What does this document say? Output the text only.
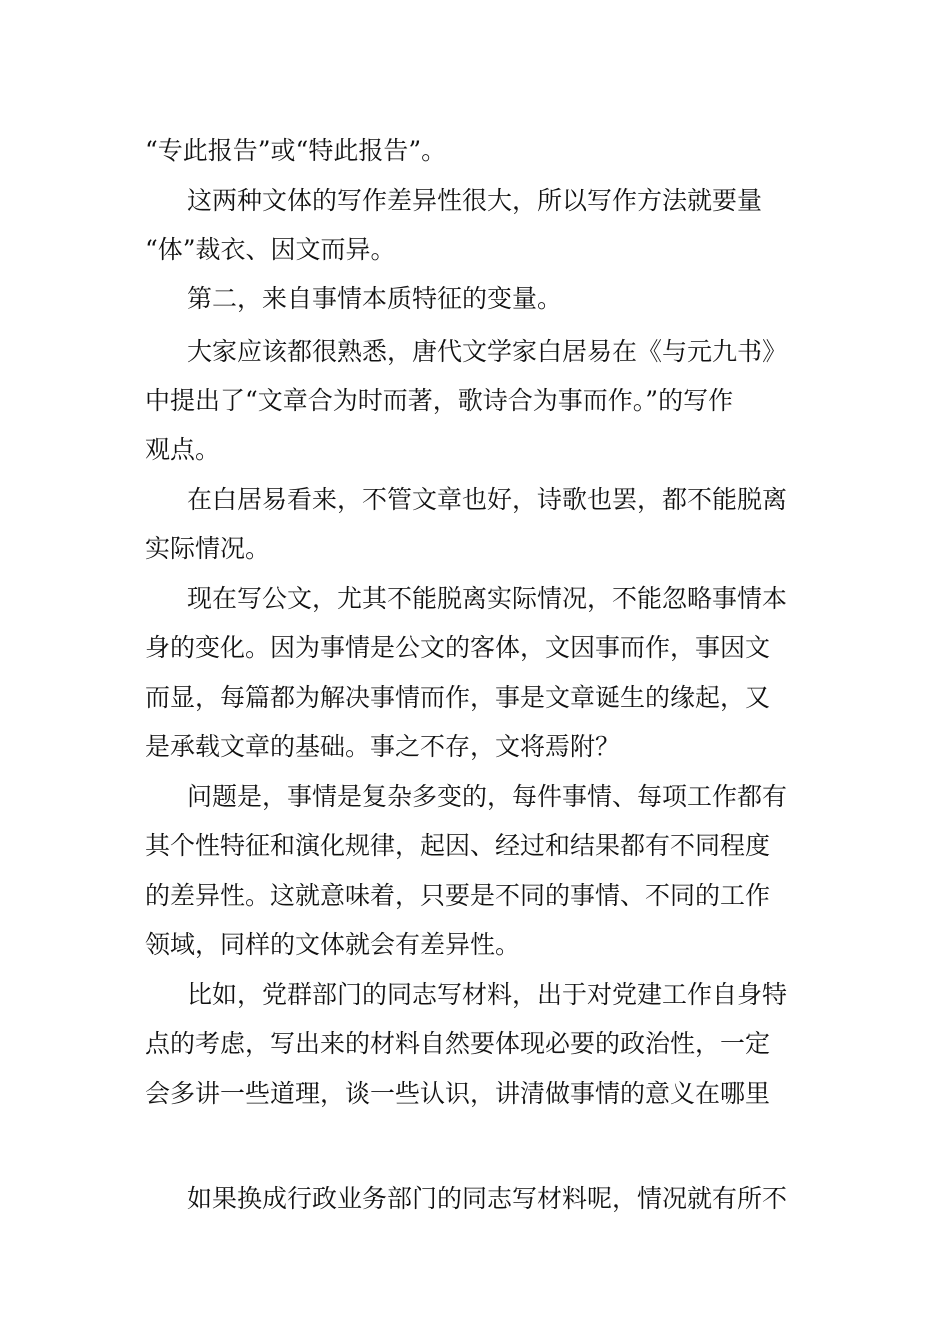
“专此报告”或“特此报告”。
这两种文体的写作差异性很大，所以写作方法就要量
“体”裁衣、因文而异。
第二，来自事情本质特征的变量。
大家应该都很熟悉，唐代文学家白居易在《与元九书》
中提出了“文章合为时而著，歌诗合为事而作。”的写作
观点。
在白居易看来，不管文章也好，诗歌也罢，都不能脱离
实际情况。
现在写公文，尤其不能脱离实际情况，不能忽略事情本
身的变化。因为事情是公文的客体，文因事而作，事因文
而显，每篇都为解决事情而作，事是文章诞生的缘起，又
是承载文章的基础。事之不存，文将焉附？
问题是，事情是复杂多变的，每件事情、每项工作都有
其个性特征和演化规律，起因、经过和结果都有不同程度
的差异性。这就意味着，只要是不同的事情、不同的工作
领域，同样的文体就会有差异性。
比如，党群部门的同志写材料，出于对党建工作自身特
点的考虑，写出来的材料自然要体现必要的政治性，一定
会多讲一些道理，谈一些认识，讲清做事情的意义在哪里
如果换成行政业务部门的同志写材料呢，情况就有所不
